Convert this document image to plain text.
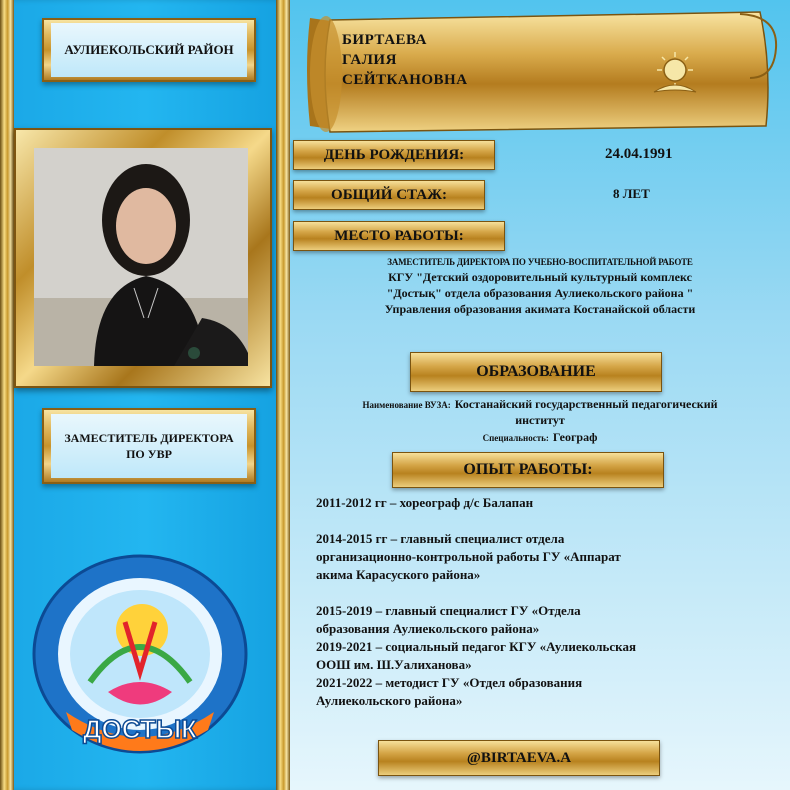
АУЛИЕКОЛЬСКИЙ РАЙОН
ЗАМЕСТИТЕЛЬ ДИРЕКТОРА ПО УВР
ДОСТЫК
БИРТАЕВА
ГАЛИЯ
СЕЙТКАНОВНА
ДЕНЬ РОЖДЕНИЯ:	24.04.1991
ОБЩИЙ СТАЖ:	8 ЛЕТ
МЕСТО РАБОТЫ:
ЗАМЕСТИТЕЛЬ ДИРЕКТОРА ПО УЧЕБНО-ВОСПИТАТЕЛЬНОЙ РАБОТЕ
КГУ "Детский оздоровительный культурный комплекс
"Достық" отдела образования Аулиекольского района "
Управления образования акимата Костанайской области
ОБРАЗОВАНИЕ
Наименование ВУЗА: Костанайский государственный педагогический
институт
Специальность: Географ
ОПЫТ РАБОТЫ:

2011-2012 гг – хореограф д/с Балапан

2014-2015 гг – главный специалист отдела

организационно-контрольной работы ГУ «Аппарат

акима Карасуского района»

2015-2019 – главный специалист ГУ «Отдела

образования Аулиекольского района»

2019-2021 – социальный педагог КГУ «Аулиекольская

ООШ им. Ш.Уалиханова»

2021-2022 – методист ГУ «Отдел образования

Аулиекольского района»

@BIRTAEVA.A
